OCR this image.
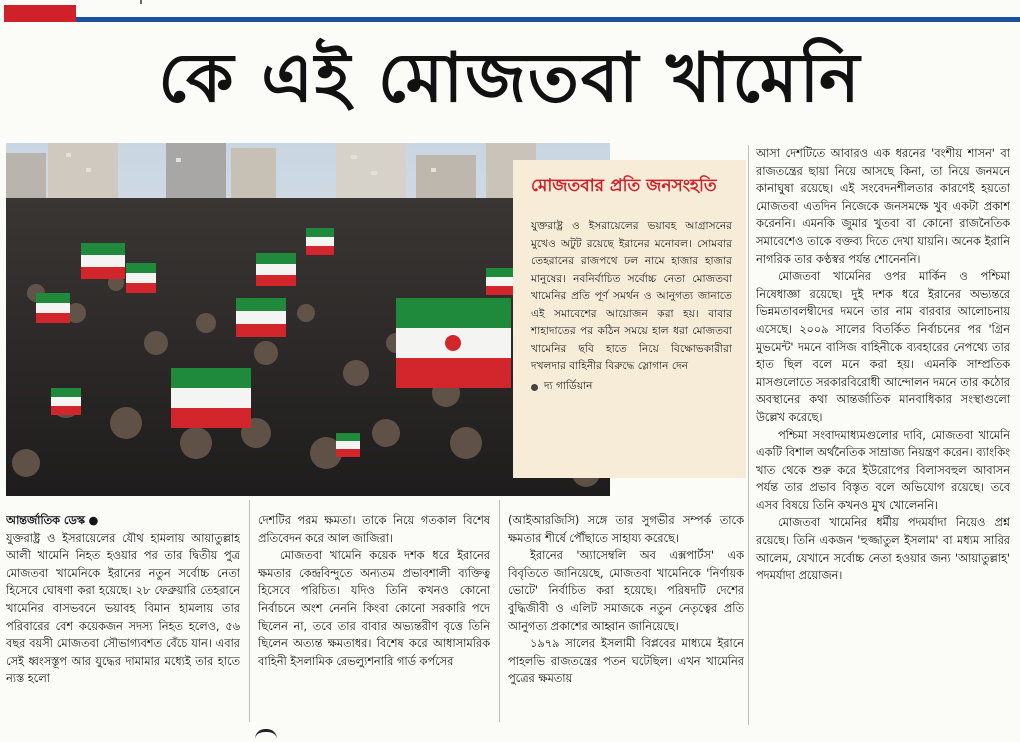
কে এই মোজতবা খামেনি
মোজতবার প্রতি জনসংহতি
যুক্তরাষ্ট্র ও ইসরায়েলের ভয়াবহ আগ্রাসনের মুখেও অটুট রয়েছে ইরানের মনোবল। সোমবার তেহরানের রাজপথে ঢল নামে হাজার হাজার মানুষের। নবনির্বাচিত সর্বোচ্চ নেতা মোজতবা খামেনির প্রতি পূর্ণ সমর্থন ও আনুগত্য জানাতে এই সমাবেশের আয়োজন করা হয়। বাবার শাহাদাতের পর কঠিন সময়ে হাল ধরা মোজতবা খামেনির ছবি হাতে নিয়ে বিক্ষোভকারীরা দখলদার বাহিনীর বিরুদ্ধে স্লোগান দেন
দ্য গার্ডিয়ান

আসা দেশটিতে আবারও এক ধরনের 'বংশীয় শাসন' বা রাজতন্ত্রের ছায়া নিয়ে আসছে কিনা, তা নিয়ে জনমনে কানাঘুষা রয়েছে। এই সংবেদনশীলতার কারণেই হয়তো মোজতবা এতদিন নিজেকে জনসমক্ষে খুব একটা প্রকাশ করেননি। এমনকি জুমার খুতবা বা কোনো রাজনৈতিক সমাবেশেও তাকে বক্তব্য দিতে দেখা যায়নি। অনেক ইরানি নাগরিক তার কণ্ঠস্বর পর্যন্ত শোনেননি।

মোজতবা খামেনির ওপর মার্কিন ও পশ্চিমা নিষেধাজ্ঞা রয়েছে। দুই দশক ধরে ইরানের অভ্যন্তরে ভিন্নমতাবলম্বীদের দমনে তার নাম বারবার আলোচনায় এসেছে। ২০০৯ সালের বিতর্কিত নির্বাচনের পর 'গ্রিন মুভমেন্ট' দমনে বাসিজ বাহিনীকে ব্যবহারের নেপথ্যে তার হাত ছিল বলে মনে করা হয়। এমনকি সাম্প্রতিক মাসগুলোতে সরকারবিরোধী আন্দোলন দমনে তার কঠোর অবস্থানের কথা আন্তর্জাতিক মানবাধিকার সংস্থাগুলো উল্লেখ করেছে।

পশ্চিমা সংবাদমাধ্যমগুলোর দাবি, মোজতবা খামেনি একটি বিশাল অর্থনৈতিক সাম্রাজ্য নিয়ন্ত্রণ করেন। ব্যাংকিং খাত থেকে শুরু করে ইউরোপের বিলাসবহুল আবাসন পর্যন্ত তার প্রভাব বিস্তৃত বলে অভিযোগ রয়েছে। তবে এসব বিষয়ে তিনি কখনও মুখ খোলেননি।

মোজতবা খামেনির ধর্মীয় পদমর্যাদা নিয়েও প্রশ্ন রয়েছে। তিনি একজন 'হুজ্জাতুল ইসলাম' বা মধ্যম সারির আলেম, যেখানে সর্বোচ্চ নেতা হওয়ার জন্য 'আয়াতুল্লাহ' পদমর্যাদা প্রয়োজন।

আন্তর্জাতিক ডেস্ক ●

যুক্তরাষ্ট্র ও ইসরায়েলের যৌথ হামলায় আয়াতুল্লাহ আলী খামেনি নিহত হওয়ার পর তার দ্বিতীয় পুত্র মোজতবা খামেনিকে ইরানের নতুন সর্বোচ্চ নেতা হিসেবে ঘোষণা করা হয়েছে। ২৮ ফেব্রুয়ারি তেহরানে খামেনির বাসভবনে ভয়াবহ বিমান হামলায় তার পরিবারের বেশ কয়েকজন সদস্য নিহত হলেও, ৫৬ বছর বয়সী মোজতবা সৌভাগ্যবশত বেঁচে যান। এবার সেই ধ্বংসস্তূপ আর যুদ্ধের দামামার মধ্যেই তার হাতে ন্যস্ত হলো

দেশটির পরম ক্ষমতা। তাকে নিয়ে গতকাল বিশেষ প্রতিবেদন করে আল জাজিরা।

মোজতবা খামেনি কয়েক দশক ধরে ইরানের ক্ষমতার কেন্দ্রবিন্দুতে অন্যতম প্রভাবশালী ব্যক্তিত্ব হিসেবে পরিচিত। যদিও তিনি কখনও কোনো নির্বাচনে অংশ নেননি কিংবা কোনো সরকারি পদে ছিলেন না, তবে তার বাবার অভ্যন্তরীণ বৃত্তে তিনি ছিলেন অত্যন্ত ক্ষমতাধর। বিশেষ করে আধাসামরিক বাহিনী ইসলামিক রেভল্যুশনারি গার্ড কর্পসের

(আইআরজিসি) সঙ্গে তার সুগভীর সম্পর্ক তাকে ক্ষমতার শীর্ষে পৌঁছাতে সাহায্য করেছে।

ইরানের 'অ্যাসেম্বলি অব এক্সপার্টস' এক বিবৃতিতে জানিয়েছে, মোজতবা খামেনিকে 'নির্ণায়ক ভোটে' নির্বাচিত করা হয়েছে। পরিষদটি দেশের বুদ্ধিজীবী ও এলিট সমাজকে নতুন নেতৃত্বের প্রতি আনুগত্য প্রকাশের আহ্বান জানিয়েছে।

১৯৭৯ সালের ইসলামী বিপ্লবের মাধ্যমে ইরানে পাহলভি রাজতন্ত্রের পতন ঘটেছিল। এখন খামেনির পুত্রের ক্ষমতায়
